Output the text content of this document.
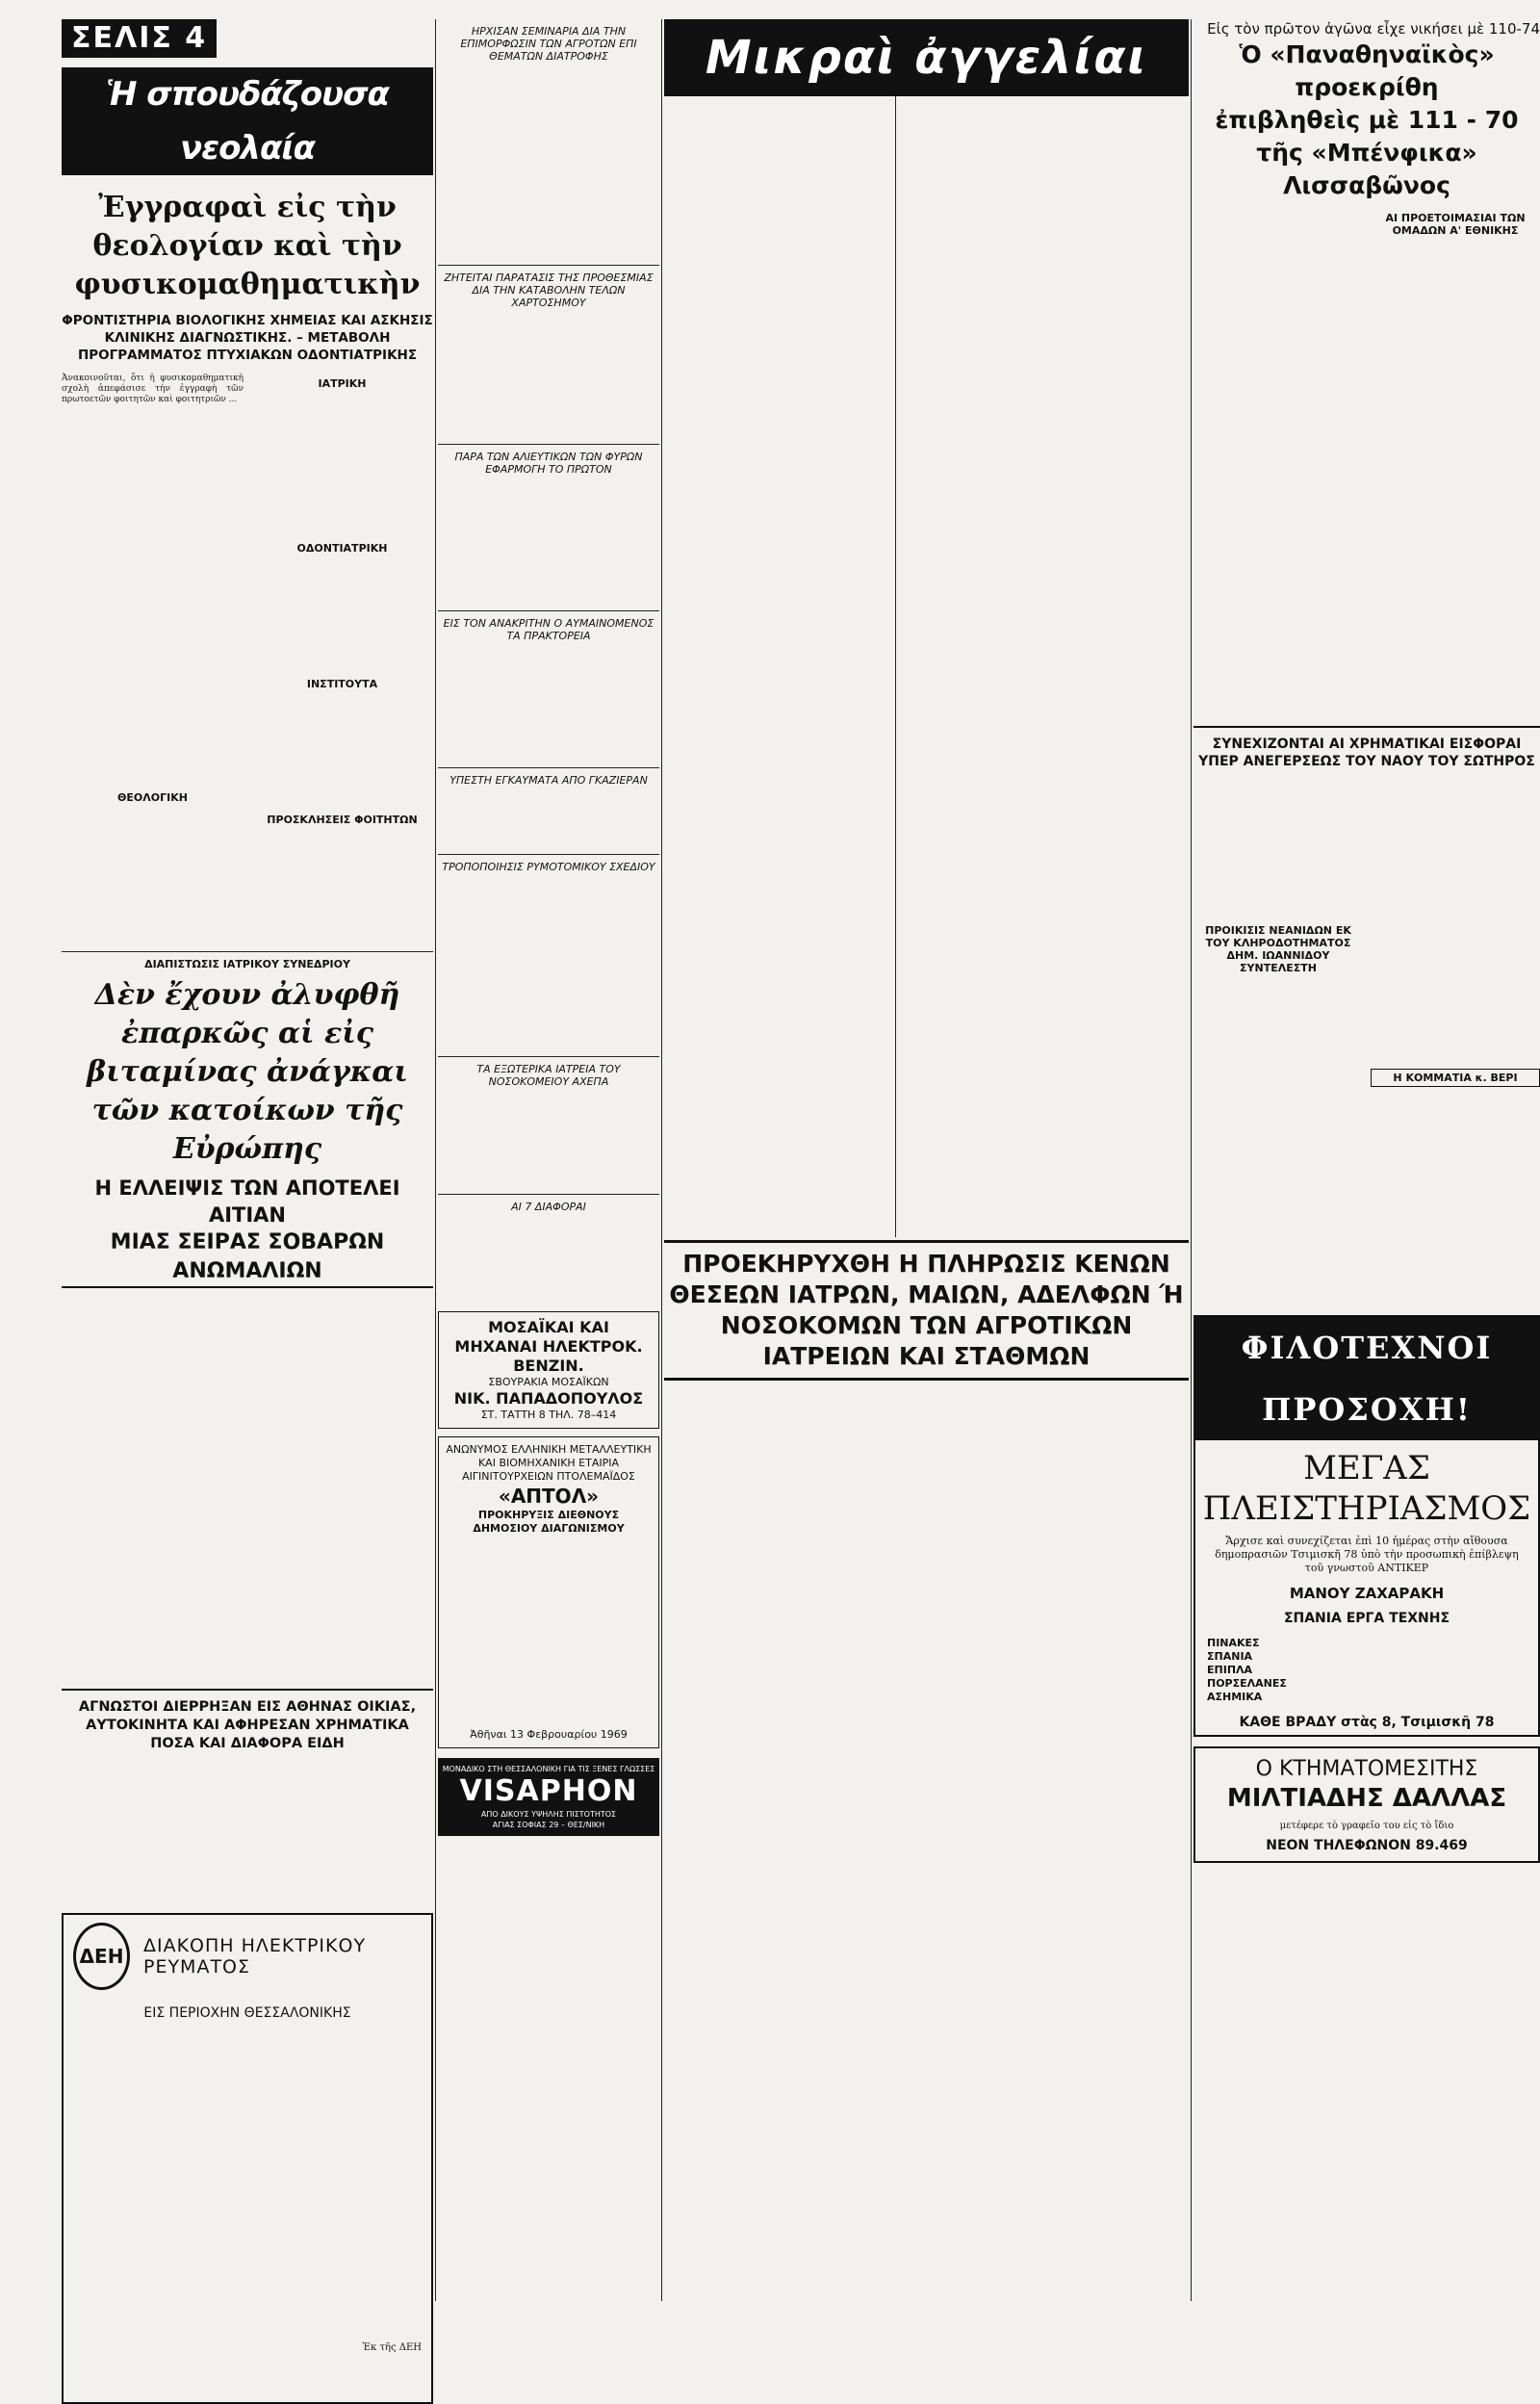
ΣΕΛΙΣ 4
Ἡ σπουδάζουσα νεολαία
Ἐγγραφαὶ εἰς τὴν θεολογίαν καὶ τὴν φυσικομαθηματικὴν
ΦΡΟΝΤΙΣΤΗΡΙΑ ΒΙΟΛΟΓΙΚΗΣ ΧΗΜΕΙΑΣ ΚΑΙ ΑΣΚΗΣΙΣ ΚΛΙΝΙΚΗΣ ΔΙΑΓΝΩΣΤΙΚΗΣ. – ΜΕΤΑΒΟΛΗ ΠΡΟΓΡΑΜΜΑΤΟΣ ΠΤΥΧΙΑΚΩΝ ΟΔΟΝΤΙΑΤΡΙΚΗΣ
Ἀνακοινοῦται, ὅτι ἡ φυσικομαθηματικὴ σχολὴ ἀπεφάσισε τὴν ἐγγραφὴ τῶν πρωτοετῶν φοιτητῶν καὶ φοιτητριῶν ...
ΘΕΟΛΟΓΙΚΗ
ΙΑΤΡΙΚΗ
ΟΔΟΝΤΙΑΤΡΙΚΗ
ΙΝΣΤΙΤΟΥΤΑ
ΠΡΟΣΚΛΗΣΕΙΣ ΦΟΙΤΗΤΩΝ
ΔΙΑΠΙΣΤΩΣΙΣ ΙΑΤΡΙΚΟΥ ΣΥΝΕΔΡΙΟΥ
Δὲν ἔχουν ἀλυφθῆ ἐπαρκῶς αἱ εἰς βιταμίνας ἀνάγκαι τῶν κατοίκων τῆς Εὐρώπης
Η ΕΛΛΕΙΨΙΣ ΤΩΝ ΑΠΟΤΕΛΕΙ ΑΙΤΙΑΝ
ΜΙΑΣ ΣΕΙΡΑΣ ΣΟΒΑΡΩΝ ΑΝΩΜΑΛΙΩΝ
ΑΓΝΩΣΤΟΙ ΔΙΕΡΡΗΞΑΝ ΕΙΣ ΑΘΗΝΑΣ ΟΙΚΙΑΣ, ΑΥΤΟΚΙΝΗΤΑ ΚΑΙ ΑΦΗΡΕΣΑΝ ΧΡΗΜΑΤΙΚΑ ΠΟΣΑ ΚΑΙ ΔΙΑΦΟΡΑ ΕΙΔΗ
ΔΕΗ	ΔΙΑΚΟΠΗ ΗΛΕΚΤΡΙΚΟΥ ΡΕΥΜΑΤΟΣ
ΕΙΣ ΠΕΡΙΟΧΗΝ ΘΕΣΣΑΛΟΝΙΚΗΣ
Ἐκ τῆς ΔΕΗ
ΗΡΧΙΣΑΝ ΣΕΜΙΝΑΡΙΑ ΔΙΑ ΤΗΝ ΕΠΙΜΟΡΦΩΣΙΝ ΤΩΝ ΑΓΡΟΤΩΝ ΕΠΙ ΘΕΜΑΤΩΝ ΔΙΑΤΡΟΦΗΣ
ΖΗΤΕΙΤΑΙ ΠΑΡΑΤΑΣΙΣ ΤΗΣ ΠΡΟΘΕΣΜΙΑΣ ΔΙΑ ΤΗΝ ΚΑΤΑΒΟΛΗΝ ΤΕΛΩΝ ΧΑΡΤΟΣΗΜΟΥ
ΠΑΡΑ ΤΩΝ ΑΛΙΕΥΤΙΚΩΝ ΤΩΝ ΦΥΡΩΝ ΕΦΑΡΜΟΓΗ ΤΟ ΠΡΩΤΟΝ
ΕΙΣ ΤΟΝ ΑΝΑΚΡΙΤΗΝ Ο ΑΥΜΑΙΝΟΜΕΝΟΣ ΤΑ ΠΡΑΚΤΟΡΕΙΑ
ΥΠΕΣΤΗ ΕΓΚΑΥΜΑΤΑ ΑΠΟ ΓΚΑΖΙΕΡΑΝ
ΤΡΟΠΟΠΟΙΗΣΙΣ ΡΥΜΟΤΟΜΙΚΟΥ ΣΧΕΔΙΟΥ
ΤΑ ΕΞΩΤΕΡΙΚΑ ΙΑΤΡΕΙΑ ΤΟΥ ΝΟΣΟΚΟΜΕΙΟΥ ΑΧΕΠΑ
ΑΙ 7 ΔΙΑΦΟΡΑΙ
ΜΟΣΑΪΚΑΙ ΚΑΙ ΜΗΧΑΝΑΙ ΗΛΕΚΤΡΟΚ. ΒΕΝΖΙΝ.
ΣΒΟΥΡΑΚΙΑ ΜΟΣΑΪΚΩΝ
ΝΙΚ. ΠΑΠΑΔΟΠΟΥΛΟΣ
ΣΤ. ΤΑΤΤΗ 8 ΤΗΛ. 78–414
ΑΝΩΝΥΜΟΣ ΕΛΛΗΝΙΚΗ ΜΕΤΑΛΛΕΥΤΙΚΗ ΚΑΙ ΒΙΟΜΗΧΑΝΙΚΗ ΕΤΑΙΡΙΑ ΑΙΓΙΝΙΤΟΥΡΧΕΙΩΝ ΠΤΟΛΕΜΑΪΔΟΣ
«ΑΠΤΟΛ»
ΠΡΟΚΗΡΥΞΙΣ ΔΙΕΘΝΟΥΣ ΔΗΜΟΣΙΟΥ ΔΙΑΓΩΝΙΣΜΟΥ
Ἀθῆναι 13 Φεβρουαρίου 1969
ΜΟΝΑΔΙΚΟ ΣΤΗ ΘΕΣΣΑΛΟΝΙΚΗ ΓΙΑ ΤΙΣ ΞΕΝΕΣ ΓΛΩΣΣΕΣ
VISAPHON
ΑΠΟ ΔΙΚΟΥΣ ΥΨΗΛΗΣ ΠΙΣΤΟΤΗΤΟΣ
ΑΓΙΑΣ ΣΟΦΙΑΣ 29 – ΘΕΣ/ΝΙΚΗ
Μικραὶ ἀγγελίαι
Εἰς τὸν πρῶτον ἀγῶνα εἶχε νικήσει μὲ 110-74
Ὁ «Παναθηναϊκὸς» προεκρίθη
ἐπιβληθεὶς μὲ 111 - 70
τῆς «Μπένφικα» Λισσαβῶνος
ΑΙ ΠΡΟΕΤΟΙΜΑΣΙΑΙ ΤΩΝ ΟΜΑΔΩΝ Α' ΕΘΝΙΚΗΣ
ΣΥΝΕΧΙΖΟΝΤΑΙ ΑΙ ΧΡΗΜΑΤΙΚΑΙ ΕΙΣΦΟΡΑΙ ΥΠΕΡ ΑΝΕΓΕΡΣΕΩΣ ΤΟΥ ΝΑΟΥ ΤΟΥ ΣΩΤΗΡΟΣ
ΠΡΟΙΚΙΣΙΣ ΝΕΑΝΙΔΩΝ ΕΚ ΤΟΥ ΚΛΗΡΟΔΟΤΗΜΑΤΟΣ ΔΗΜ. ΙΩΑΝΝΙΔΟΥ ΣΥΝΤΕΛΕΣΤΗ
Η ΚΟΜΜΑΤΙΑ κ. ΒΕΡΙ
ΠΡΟΕΚΗΡΥΧΘΗ Η ΠΛΗΡΩΣΙΣ ΚΕΝΩΝ ΘΕΣΕΩΝ ΙΑΤΡΩΝ, ΜΑΙΩΝ, ΑΔΕΛΦΩΝ Ή ΝΟΣΟΚΟΜΩΝ ΤΩΝ ΑΓΡΟΤΙΚΩΝ ΙΑΤΡΕΙΩΝ ΚΑΙ ΣΤΑΘΜΩΝ	ΦΙΛΟΤΕΧΝΟΙ ΠΡΟΣΟΧΗ!
ΜΕΓΑΣ ΠΛΕΙΣΤΗΡΙΑΣΜΟΣ
Ἄρχισε καὶ συνεχίζεται ἐπὶ 10 ἡμέρας στὴν αἴθουσα δημοπρασιῶν Τσιμισκῆ 78 ὑπὸ τὴν προσωπικὴ ἐπίβλεψη τοῦ γνωστοῦ ΑΝΤΙΚΕΡ
ΜΑΝΟΥ ΖΑΧΑΡΑΚΗ
ΣΠΑΝΙΑ ΕΡΓΑ ΤΕΧΝΗΣ
ΠΙΝΑΚΕΣ
ΣΠΑΝΙΑ
ΕΠΙΠΛΑ
ΠΟΡΣΕΛΑΝΕΣ
ΑΣΗΜΙΚΑ
ΚΑΘΕ ΒΡΑΔΥ στὰς 8, Τσιμισκῆ 78
Ο ΚΤΗΜΑΤΟΜΕΣΙΤΗΣ
ΜΙΛΤΙΑΔΗΣ ΔΑΛΛΑΣ
μετέφερε τὸ γραφεῖο του εἰς τὸ ἴδιο
ΝΕΟΝ ΤΗΛΕΦΩΝΟΝ 89.469
